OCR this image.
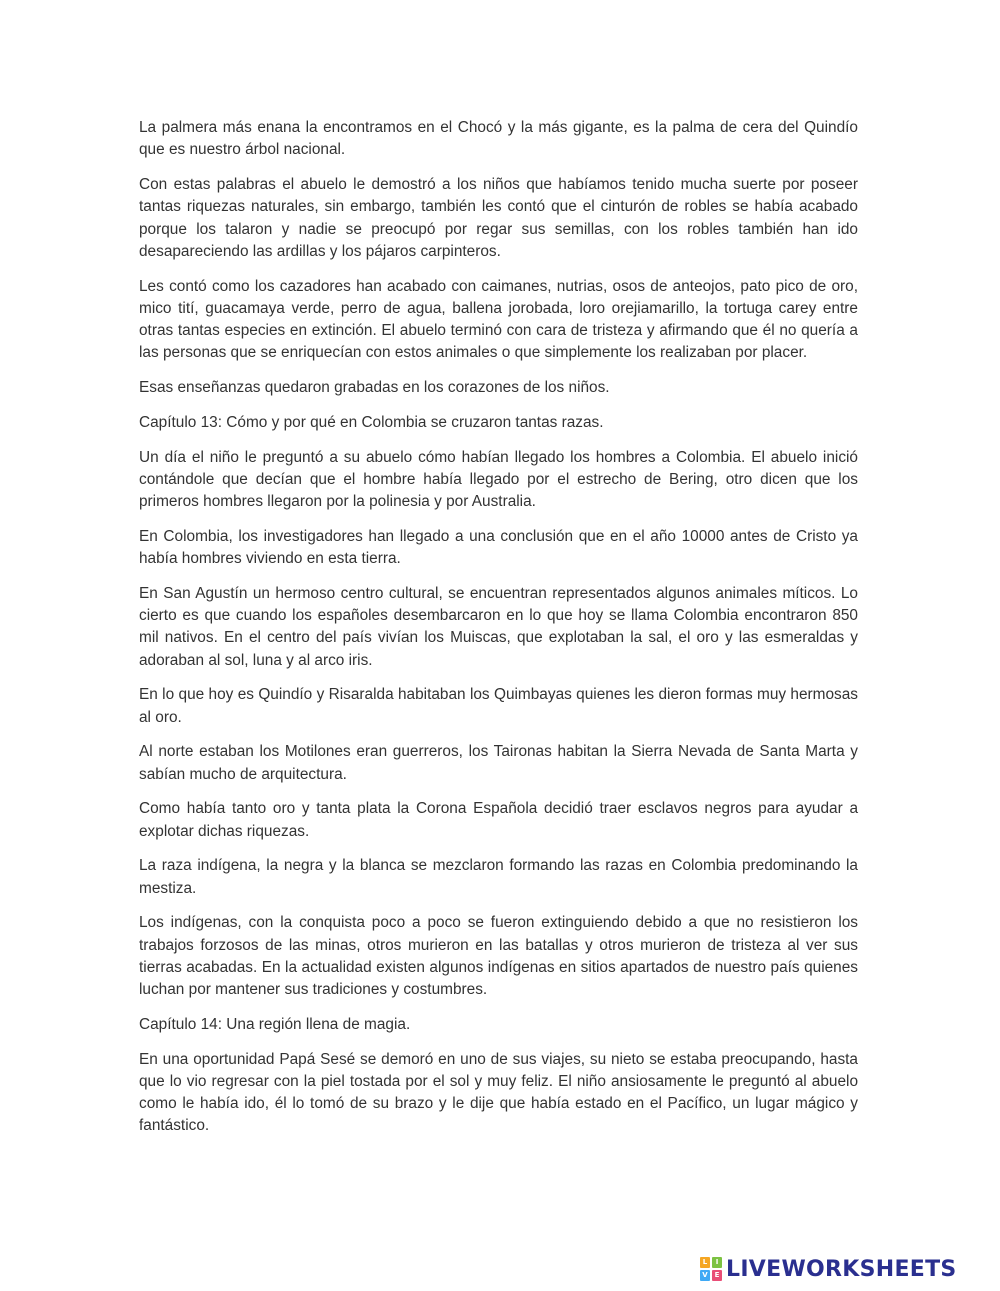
La palmera más enana la encontramos en el Chocó y la más gigante, es la palma de cera del Quindío que es nuestro árbol nacional.

Con estas palabras el abuelo le demostró a los niños que habíamos tenido mucha suerte por poseer tantas riquezas naturales, sin embargo, también les contó que el cinturón de robles se había acabado porque los talaron y nadie se preocupó por regar sus semillas, con los robles también han ido desapareciendo las ardillas y los pájaros carpinteros.

Les contó como los cazadores han acabado con caimanes, nutrias, osos de anteojos, pato pico de oro, mico tití, guacamaya verde, perro de agua, ballena jorobada, loro orejiamarillo, la tortuga carey entre otras tantas especies en extinción. El abuelo terminó con cara de tristeza y afirmando que él no quería a las personas que se enriquecían con estos animales o que simplemente los realizaban por placer.

Esas enseñanzas quedaron grabadas en los corazones de los niños.

Capítulo 13: Cómo y por qué en Colombia se cruzaron tantas razas.

Un día el niño le preguntó a su abuelo cómo habían llegado los hombres a Colombia. El abuelo inició contándole que decían que el hombre había llegado por el estrecho de Bering, otro dicen que los primeros hombres llegaron por la polinesia y por Australia.

En Colombia, los investigadores han llegado a una conclusión que en el año 10000 antes de Cristo ya había hombres viviendo en esta tierra.

En San Agustín un hermoso centro cultural, se encuentran representados algunos animales míticos. Lo cierto es que cuando los españoles desembarcaron en lo que hoy se llama Colombia encontraron 850 mil nativos. En el centro del país vivían los Muiscas, que explotaban la sal, el oro y las esmeraldas y adoraban al sol, luna y al arco iris.

En lo que hoy es Quindío y Risaralda habitaban los Quimbayas quienes les dieron formas muy hermosas al oro.

Al norte estaban los Motilones eran guerreros, los Taironas habitan la Sierra Nevada de Santa Marta y sabían mucho de arquitectura.

Como había tanto oro y tanta plata la Corona Española decidió traer esclavos negros para ayudar a explotar dichas riquezas.

La raza indígena, la negra y la blanca se mezclaron formando las razas en Colombia predominando la mestiza.

Los indígenas, con la conquista poco a poco se fueron extinguiendo debido a que no resistieron los trabajos forzosos de las minas, otros murieron en las batallas y otros murieron de tristeza al ver sus tierras acabadas. En la actualidad existen algunos indígenas en sitios apartados de nuestro país quienes luchan por mantener sus tradiciones y costumbres.

Capítulo 14: Una región llena de magia.

En una oportunidad Papá Sesé se demoró en uno de sus viajes, su nieto se estaba preocupando, hasta que lo vio regresar con la piel tostada por el sol y muy feliz. El niño ansiosamente le preguntó al abuelo como le había ido, él lo tomó de su brazo y le dije que había estado en el Pacífico, un lugar mágico y fantástico.

L	I
V E LIVEWORKSHEETS
